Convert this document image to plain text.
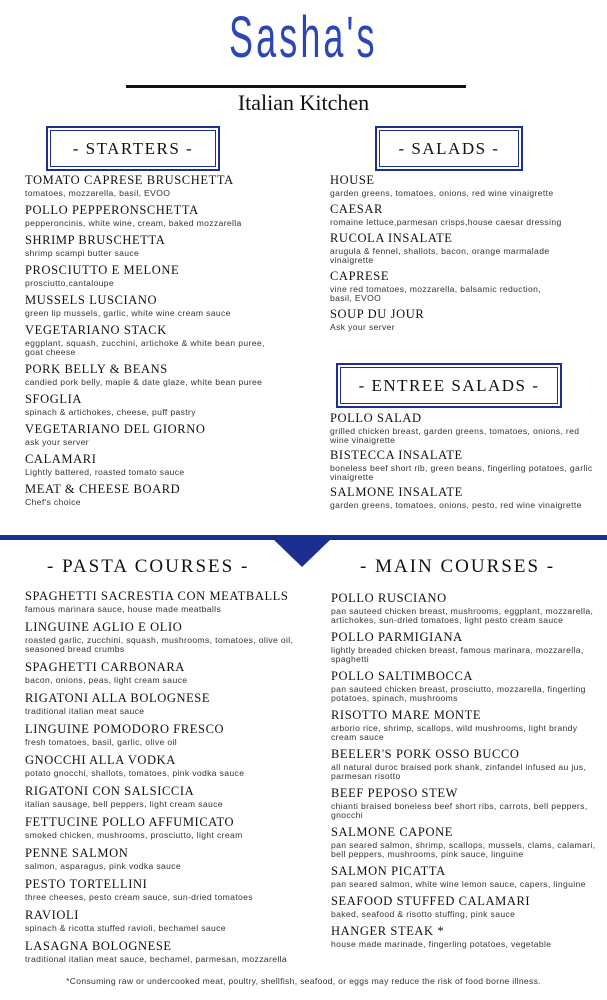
Sasha's
Italian Kitchen
- STARTERS -
TOMATO CAPRESE BRUSCHETTA
tomatoes, mozzarella, basil, EVOO
POLLO PEPPERONSCHETTA
pepperoncinis, white wine, cream, baked mozzarella
SHRIMP BRUSCHETTA
shrimp scampi butter sauce
PROSCIUTTO E MELONE
prosciutto,cantaloupe
MUSSELS LUSCIANO
green lip mussels, garlic, white wine cream sauce
VEGETARIANO STACK
eggplant, squash, zucchini, artichoke & white bean puree, goat cheese
PORK BELLY & BEANS
candied pork belly, maple & date glaze, white bean puree
SFOGLIA
spinach & artichokes, cheese, puff pastry
VEGETARIANO DEL GIORNO
ask your server
CALAMARI
Lightly battered, roasted tomato sauce
MEAT & CHEESE BOARD
Chef's choice
- SALADS -
HOUSE
garden greens, tomatoes, onions, red wine vinaigrette
CAESAR
romaine lettuce,parmesan crisps,house caesar dressing
RUCOLA INSALATE
arugula & fennel, shallots, bacon, orange marmalade vinaigrette
CAPRESE
vine red tomatoes, mozzarella, balsamic reduction, basil, EVOO
SOUP DU JOUR
Ask your server
- ENTREE SALADS -
POLLO SALAD
grilled chicken breast, garden greens, tomatoes, onions, red wine vinaigrette
BISTECCA INSALATE
boneless beef short rib, green beans, fingerling potatoes, garlic vinaigrette
SALMONE INSALATE
garden greens, tomatoes, onions, pesto, red wine vinaigrette
- PASTA COURSES -
SPAGHETTI SACRESTIA CON MEATBALLS
famous marinara sauce, house made meatballs
LINGUINE AGLIO E OLIO
roasted garlic, zucchini, squash, mushrooms, tomatoes, olive oil, seasoned bread crumbs
SPAGHETTI CARBONARA
bacon, onions, peas, light cream sauce
RIGATONI ALLA BOLOGNESE
traditional italian meat sauce
LINGUINE POMODORO FRESCO
fresh tomatoes, basil, garlic, olive oil
GNOCCHI ALLA VODKA
potato gnocchi, shallots, tomatoes, pink vodka sauce
RIGATONI CON SALSICCIA
italian sausage, bell peppers, light cream sauce
FETTUCINE POLLO AFFUMICATO
smoked chicken, mushrooms, prosciutto, light cream
PENNE SALMON
salmon, asparagus, pink vodka sauce
PESTO TORTELLINI
three cheeses, pesto cream sauce, sun-dried tomatoes
RAVIOLI
spinach & ricotta stuffed ravioli, bechamel sauce
LASAGNA BOLOGNESE
traditional italian meat sauce, bechamel, parmesan, mozzarella
- MAIN COURSES -
POLLO RUSCIANO
pan sauteed chicken breast, mushrooms, eggplant, mozzarella, artichokes, sun-dried tomatoes, light pesto cream sauce
POLLO PARMIGIANA
lightly breaded chicken breast, famous marinara, mozzarella, spaghetti
POLLO SALTIMBOCCA
pan sauteed chicken breast, prosciutto, mozzarella, fingerling potatoes, spinach, mushrooms
RISOTTO MARE MONTE
arborio rice, shrimp, scallops, wild mushrooms, light brandy cream sauce
BEELER'S PORK OSSO BUCCO
all natural duroc braised pork shank, zinfandel infused au jus, parmesan risotto
BEEF PEPOSO STEW
chianti braised boneless beef short ribs, carrots, bell peppers, gnocchi
SALMONE CAPONE
pan seared salmon, shrimp, scallops, mussels, clams, calamari, bell peppers, mushrooms, pink sauce, linguine
SALMON PICATTA
pan seared salmon, white wine lemon sauce, capers, linguine
SEAFOOD STUFFED CALAMARI
baked, seafood & risotto stuffing, pink sauce
HANGER STEAK *
house made marinade, fingerling potatoes, vegetable
*Consuming raw or undercooked meat, poultry, shellfish, seafood, or eggs may reduce the risk of food borne illness.
